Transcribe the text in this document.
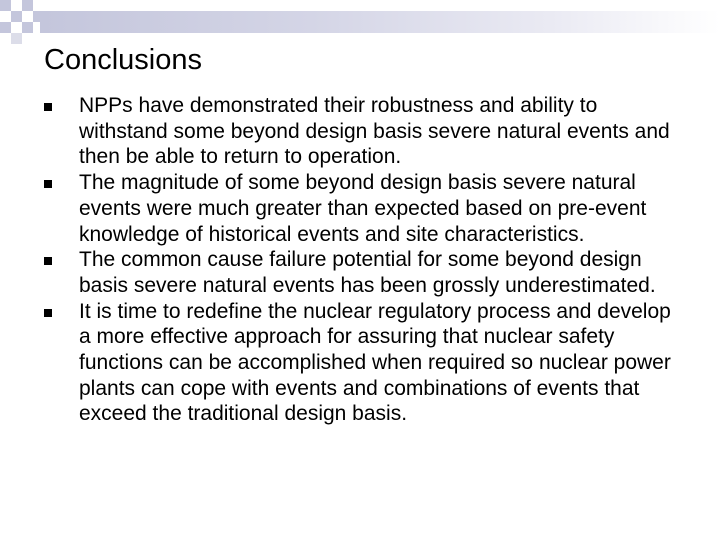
Conclusions
NPPs have demonstrated their robustness and ability to withstand some beyond design basis severe natural events and then be able to return to operation.
The magnitude of some beyond design basis severe natural events were much greater than expected based on pre-event knowledge of historical events and site characteristics.
The common cause failure potential for some beyond design basis severe natural events has been grossly underestimated.
It is time to redefine the nuclear regulatory process and develop a more effective approach for assuring that nuclear safety functions can be accomplished when required so nuclear power plants can cope with events and combinations of events that exceed the traditional design basis.
